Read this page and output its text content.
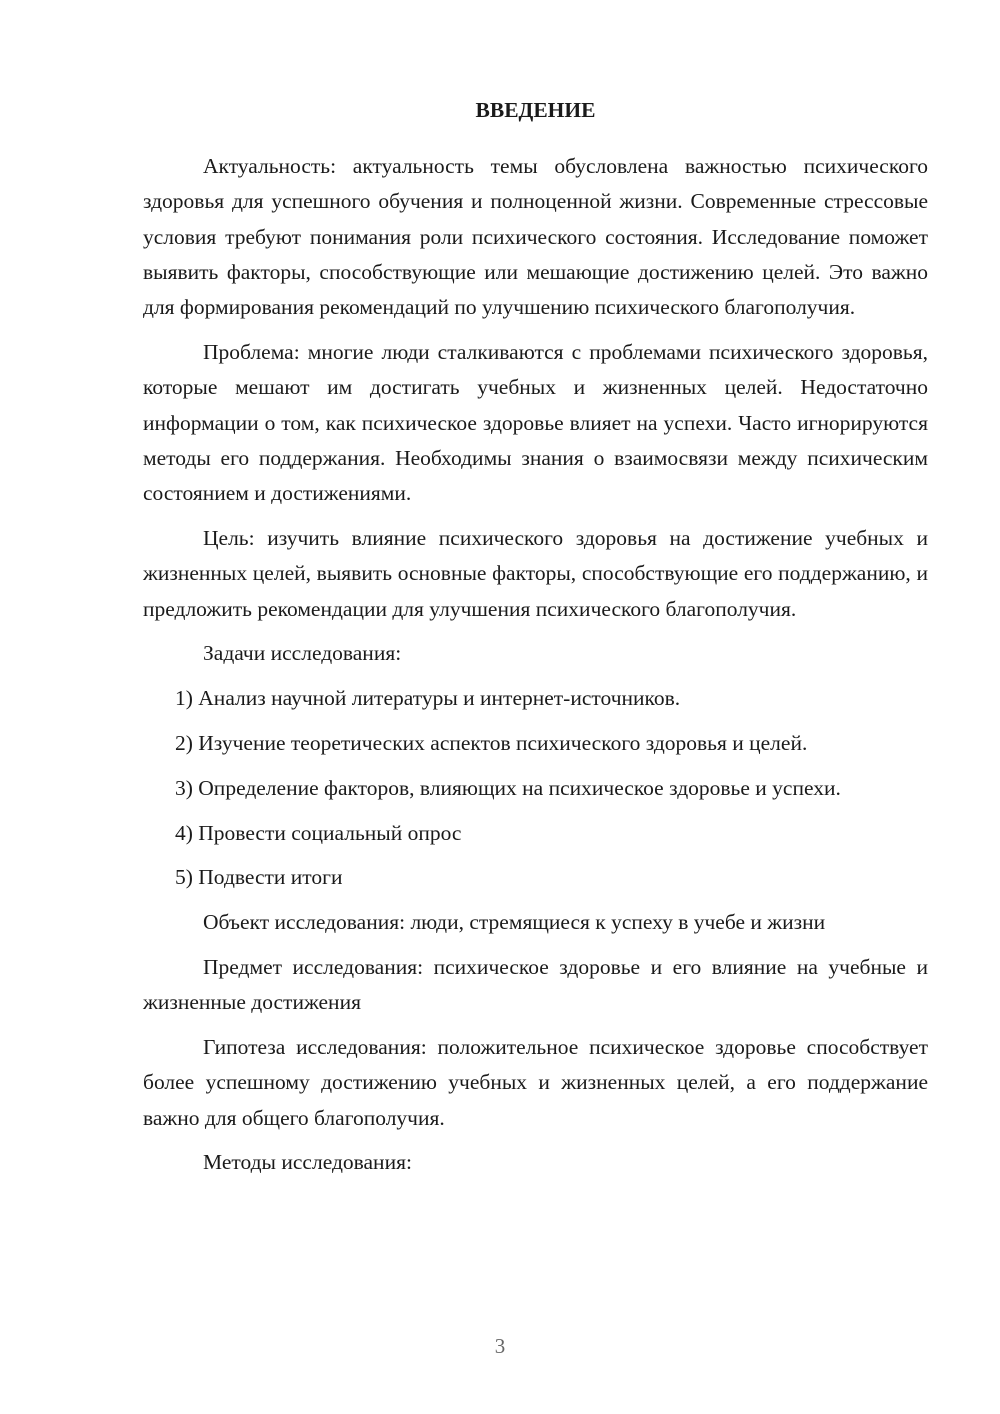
ВВЕДЕНИЕ

Актуальность: актуальность темы обусловлена важностью психического здоровья для успешного обучения и полноценной жизни. Современные стрессовые условия требуют понимания роли психического состояния. Исследование поможет выявить факторы, способствующие или мешающие достижению целей. Это важно для формирования рекомендаций по улучшению психического благополучия.

Проблема: многие люди сталкиваются с проблемами психического здоровья, которые мешают им достигать учебных и жизненных целей. Недостаточно информации о том, как психическое здоровье влияет на успехи. Часто игнорируются методы его поддержания. Необходимы знания о взаимосвязи между психическим состоянием и достижениями.

Цель: изучить влияние психического здоровья на достижение учебных и жизненных целей, выявить основные факторы, способствующие его поддержанию, и предложить рекомендации для улучшения психического благополучия.

Задачи исследования:

1) Анализ научной литературы и интернет-источников.

2) Изучение теоретических аспектов психического здоровья и целей.

3) Определение факторов, влияющих на психическое здоровье и успехи.

4) Провести социальный опрос

5) Подвести итоги

Объект исследования: люди, стремящиеся к успеху в учебе и жизни

Предмет исследования: психическое здоровье и его влияние на учебные и жизненные достижения

Гипотеза исследования: положительное психическое здоровье способствует более успешному достижению учебных и жизненных целей, а его поддержание важно для общего благополучия.

Методы исследования:

3
